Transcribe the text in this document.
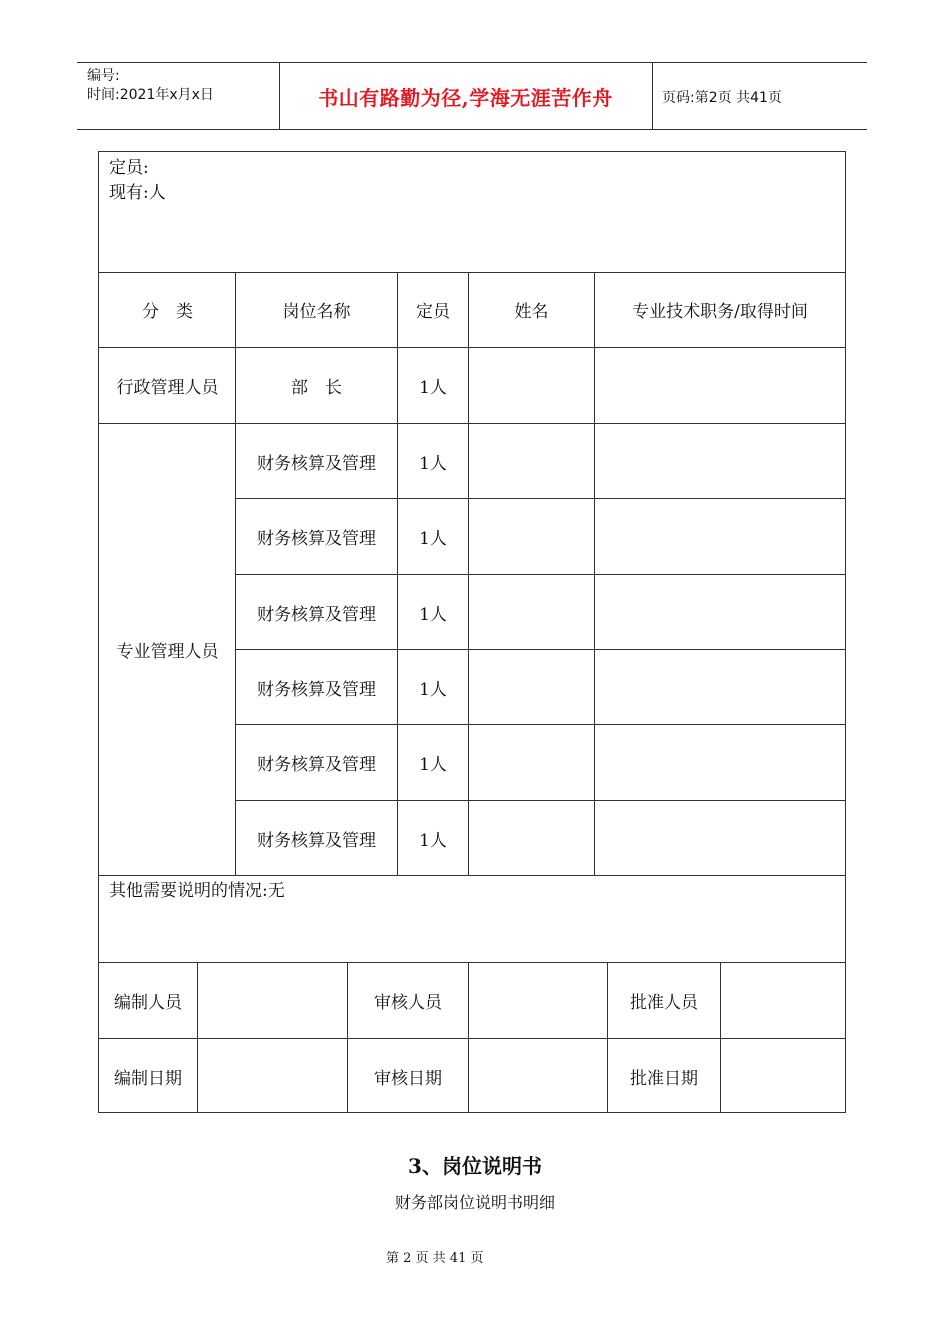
编号:
时间:2021年x月x日	书山有路勤为径,学海无涯苦作舟	页码:第2页 共41页
定员:
现有:人
分　类	岗位名称	定员	姓名	专业技术职务/取得时间
行政管理人员	部　长	1人
专业管理人员
财务核算及管理	1人
财务核算及管理	1人
财务核算及管理	1人
财务核算及管理	1人
财务核算及管理	1人
财务核算及管理	1人
其他需要说明的情况:无
编制人员	审核人员	批准人员
编制日期	审核日期	批准日期
3、岗位说明书
财务部岗位说明书明细
第 2 页 共 41 页
